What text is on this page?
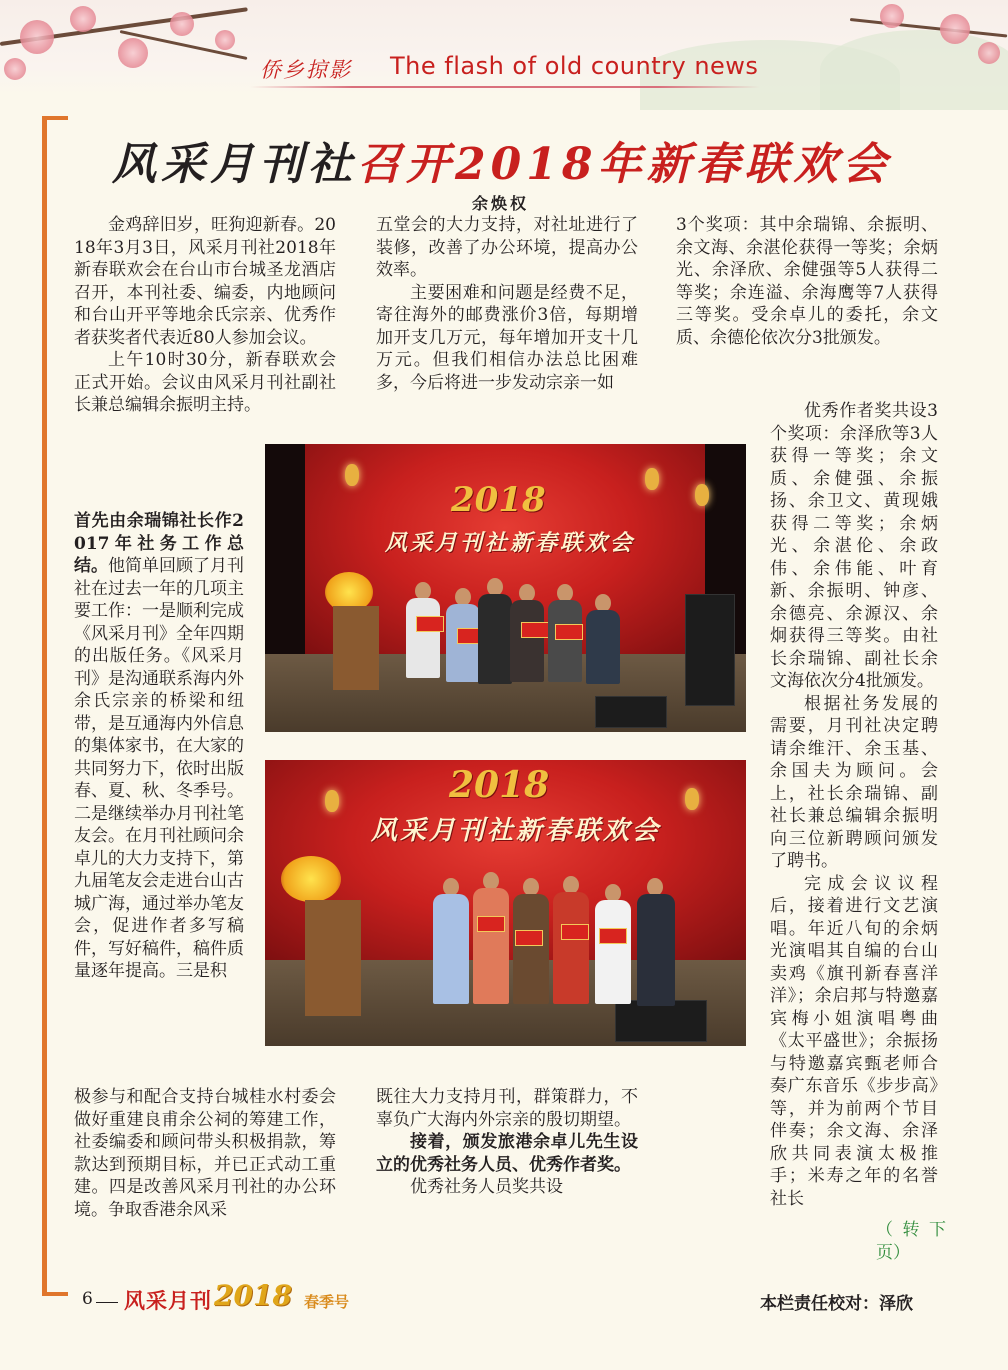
侨乡掠影 The flash of old country news
风采月刊社召开2018年新春联欢会
余焕权

金鸡辞旧岁，旺狗迎新春。2018年3月3日，风采月刊社2018年新春联欢会在台山市台城圣龙酒店召开，本刊社委、编委，内地顾问和台山开平等地余氏宗亲、优秀作者获奖者代表近80人参加会议。

上午10时30分，新春联欢会正式开始。会议由风采月刊社副社长兼总编辑余振明主持。

首先由余瑞锦社长作2017年社务工作总结。

他简单回顾了月刊社在过去一年的几项主要工作：一是顺利完成《风采月刊》全年四期的出版任务。《风采月刊》是沟通联系海内外余氏宗亲的桥梁和纽带，是互通海内外信息的集体家书，在大家的共同努力下，依时出版春、夏、秋、冬季号。二是继续举办月刊社笔友会。在月刊社顾问余卓儿的大力支持下，第九届笔友会走进台山古城广海，通过举办笔友会，促进作者多写稿件，写好稿件，稿件质量逐年提高。三是积

极参与和配合支持台城桂水村委会做好重建良甫余公祠的筹建工作，社委编委和顾问带头积极捐款，筹款达到预期目标，并已正式动工重建。四是改善风采月刊社的办公环境。争取香港余风采

五堂会的大力支持，对社址进行了装修，改善了办公环境，提高办公效率。

主要困难和问题是经费不足，寄往海外的邮费涨价3倍，每期增加开支几万元，每年增加开支十几万元。但我们相信办法总比困难多，今后将进一步发动宗亲一如

既往大力支持月刊，群策群力，不辜负广大海内外宗亲的殷切期望。

接着，颁发旅港余卓儿先生设立的优秀社务人员、优秀作者奖。

优秀社务人员奖共设

3个奖项：其中余瑞锦、余振明、余文海、余湛伦获得一等奖；余炳光、余泽欣、余健强等5人获得二等奖；余连溢、余海鹰等7人获得三等奖。受余卓儿的委托，余文质、余德伦依次分3批颁发。

优秀作者奖共设3个奖项：余泽欣等3人获得一等奖；余文质、余健强、余振扬、余卫文、黄现娥获得二等奖；余炳光、余湛伦、余政伟、余伟能、叶育新、余振明、钟彦、余德亮、余源汉、余炯获得三等奖。由社长余瑞锦、副社长余文海依次分4批颁发。

根据社务发展的需要，月刊社决定聘请余维汗、余玉基、余国夫为顾问。会上，社长余瑞锦、副社长兼总编辑余振明向三位新聘顾问颁发了聘书。

完成会议议程后，接着进行文艺演唱。年近八旬的余炳光演唱其自编的台山卖鸡《旗刊新春喜洋洋》；余启邦与特邀嘉宾梅小姐演唱粤曲《太平盛世》；余振扬与特邀嘉宾甄老师合奏广东音乐《步步高》等，并为前两个节目伴奏；余文海、余泽欣共同表演太极推手；米寿之年的名誉社长

（转下页）
2018
风采月刊社新春联欢会
2018
风采月刊社新春联欢会
6 风采月刊 2018 春季号	本栏责任校对：泽欣
